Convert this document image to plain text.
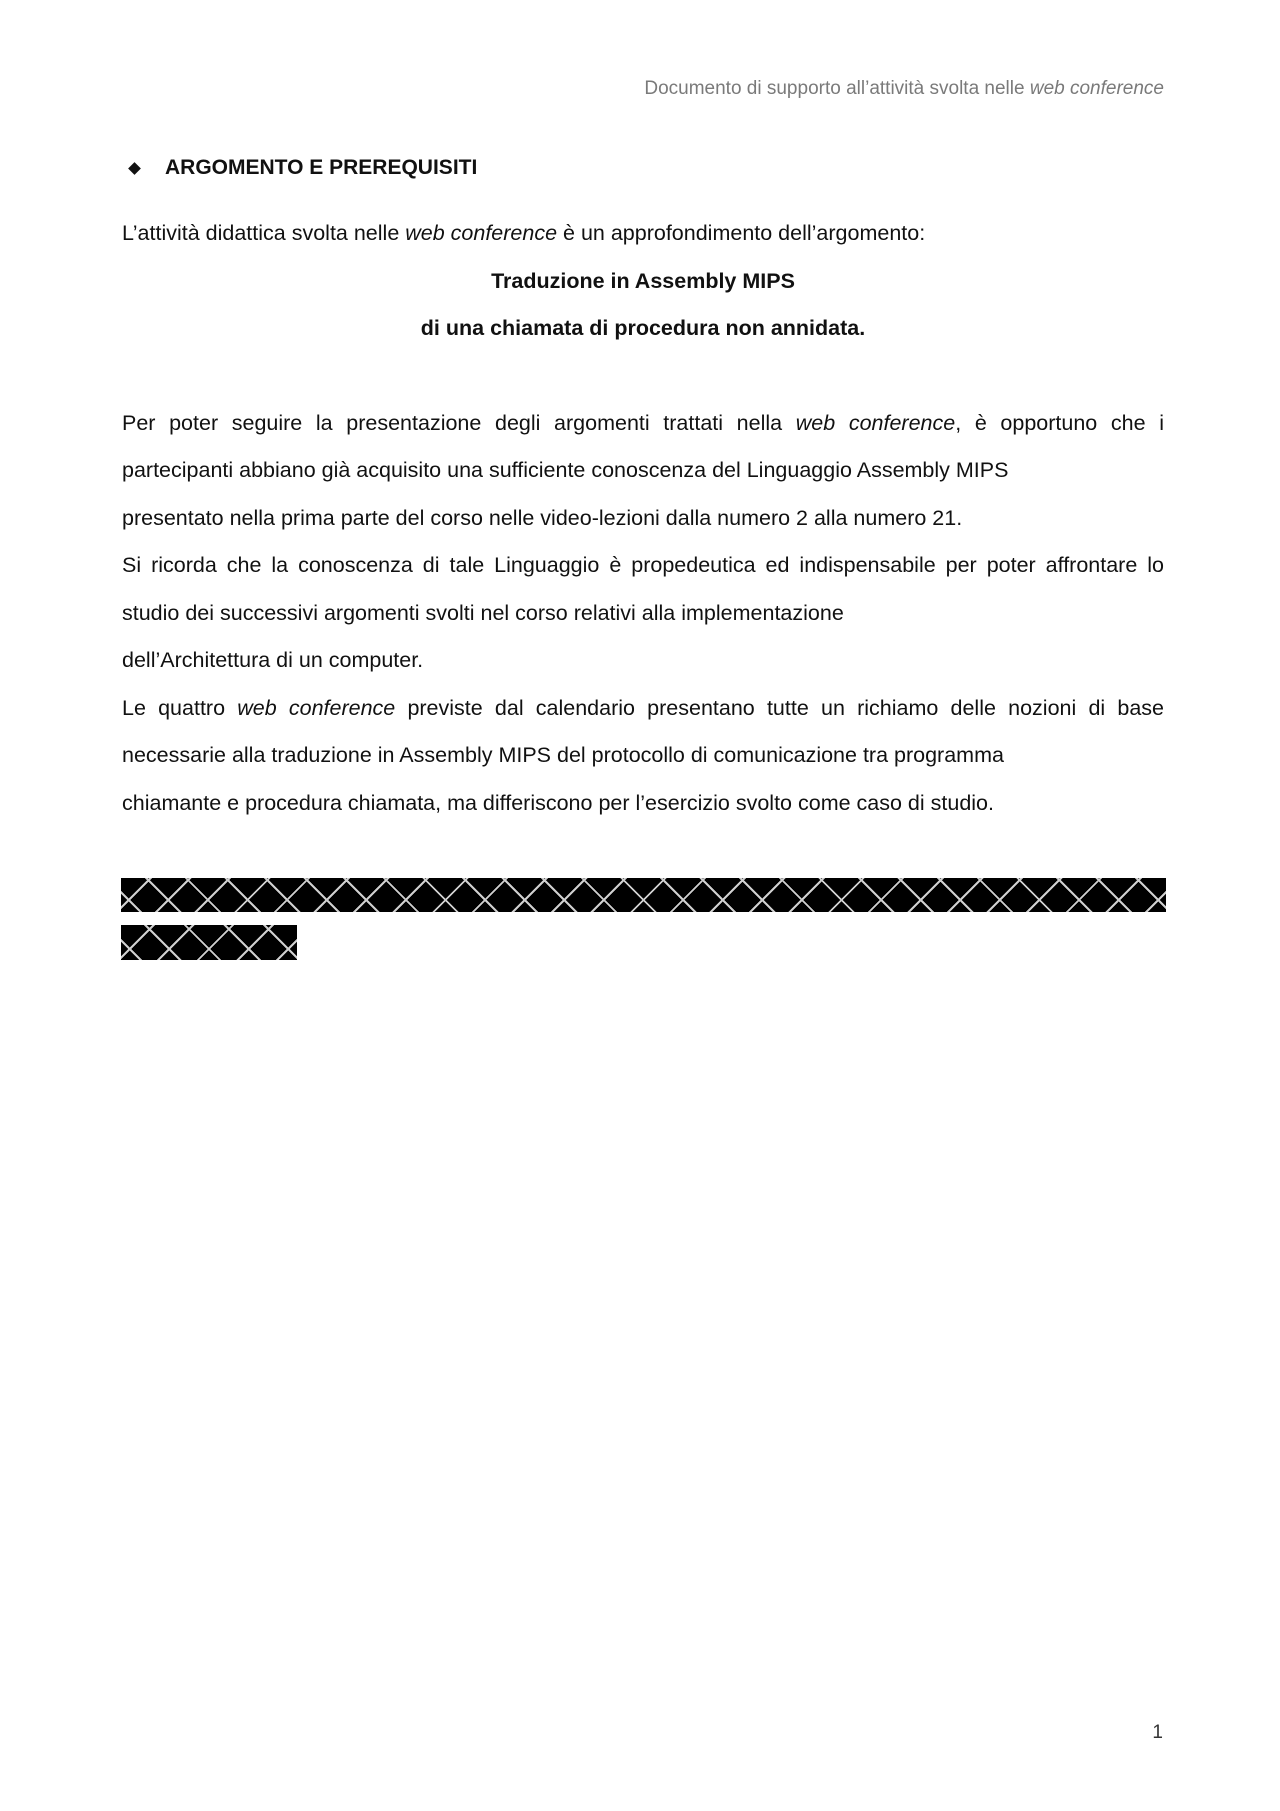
Documento di supporto all’attività svolta nelle web conference
ARGOMENTO E PREREQUISITI

L’attività didattica svolta nelle web conference è un approfondimento dell’argomento:

Traduzione in Assembly MIPS

di una chiamata di procedura non annidata.

Per poter seguire la presentazione degli argomenti trattati nella web conference, è opportuno che i partecipanti abbiano già acquisito una sufficiente conoscenza del Linguaggio Assembly MIPS

presentato nella prima parte del corso nelle video-lezioni dalla numero 2 alla numero 21.

Si ricorda che la conoscenza di tale Linguaggio è propedeutica ed indispensabile per poter affrontare lo studio dei successivi argomenti svolti nel corso relativi alla implementazione

dell’Architettura di un computer.

Le quattro web conference previste dal calendario presentano tutte un richiamo delle nozioni di base necessarie alla traduzione in Assembly MIPS del protocollo di comunicazione tra programma

chiamante e procedura chiamata, ma differiscono per l’esercizio svolto come caso di studio.

1
